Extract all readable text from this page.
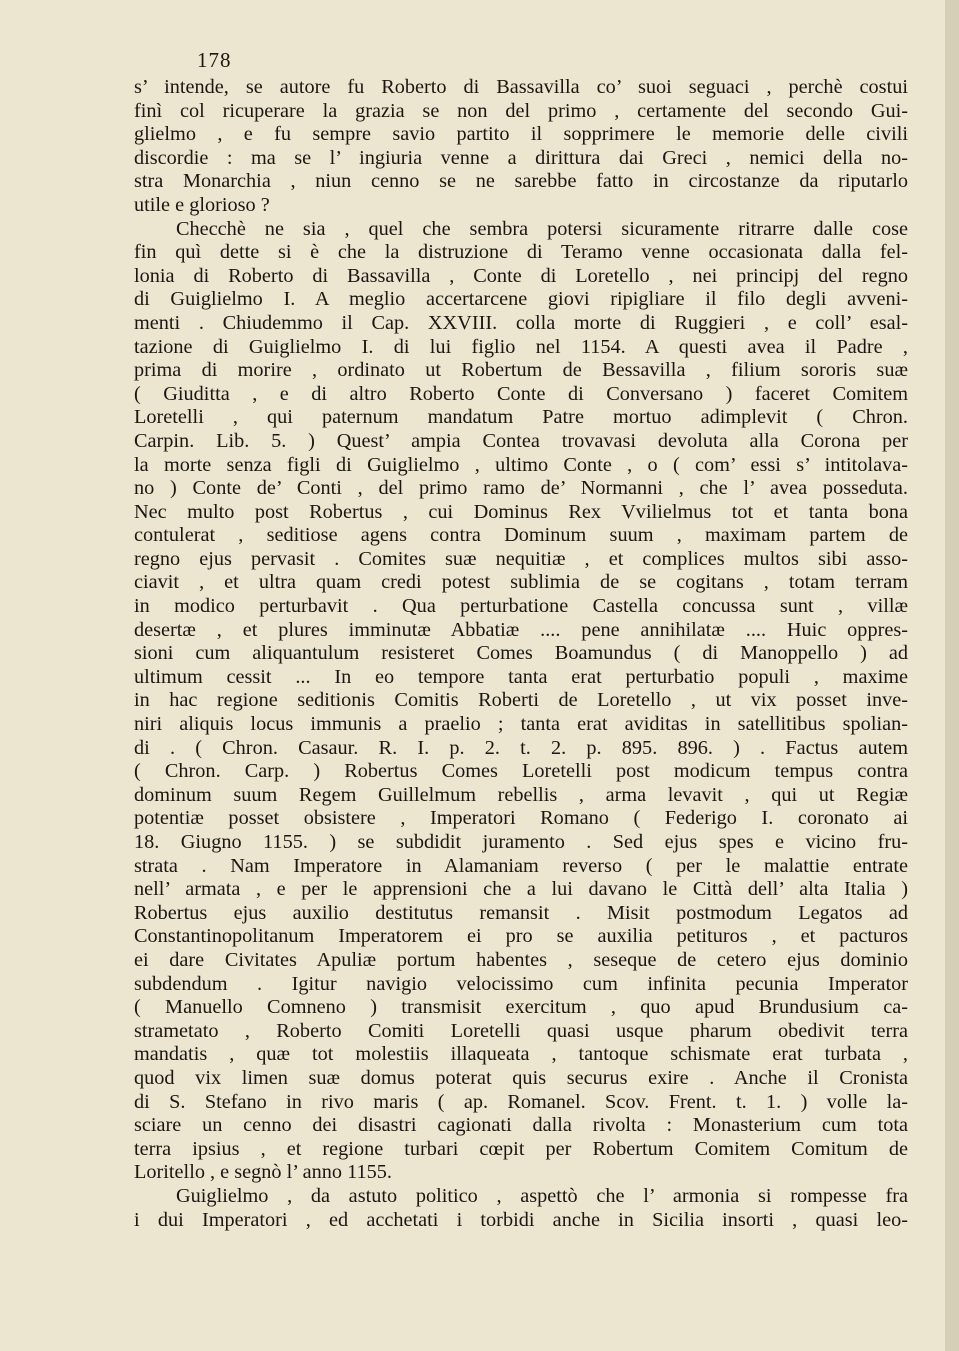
178
s’ intende, se autore fu Roberto di Bassavilla co’ suoi seguaci , perchè costui
finì col ricuperare la grazia se non del primo , certamente del secondo Gui-
glielmo , e fu sempre savio partito il sopprimere le memorie delle civili
discordie : ma se l’ ingiuria venne a dirittura dai Greci , nemici della no-
stra Monarchia , niun cenno se ne sarebbe fatto in circostanze da riputarlo
utile e glorioso ?
Checchè ne sia , quel che sembra potersi sicuramente ritrarre dalle cose
fin quì dette si è che la distruzione di Teramo venne occasionata dalla fel-
lonia di Roberto di Bassavilla , Conte di Loretello , nei principj del regno
di Guiglielmo I. A meglio accertarcene giovi ripigliare il filo degli avveni-
menti . Chiudemmo il Cap. XXVIII. colla morte di Ruggieri , e coll’ esal-
tazione di Guiglielmo I. di lui figlio nel 1154. A questi avea il Padre ,
prima di morire , ordinato ut Robertum de Bessavilla , filium sororis suæ
( Giuditta , e di altro Roberto Conte di Conversano ) faceret Comitem
Loretelli , qui paternum mandatum Patre mortuo adimplevit ( Chron.
Carpin. Lib. 5. ) Quest’ ampia Contea trovavasi devoluta alla Corona per
la morte senza figli di Guiglielmo , ultimo Conte , o ( com’ essi s’ intitolava-
no ) Conte de’ Conti , del primo ramo de’ Normanni , che l’ avea posseduta.
Nec multo post Robertus , cui Dominus Rex Vvilielmus tot et tanta bona
contulerat , seditiose agens contra Dominum suum , maximam partem de
regno ejus pervasit . Comites suæ nequitiæ , et complices multos sibi asso-
ciavit , et ultra quam credi potest sublimia de se cogitans , totam terram
in modico perturbavit . Qua perturbatione Castella concussa sunt , villæ
desertæ , et plures imminutæ Abbatiæ .... pene annihilatæ .... Huic oppres-
sioni cum aliquantulum resisteret Comes Boamundus ( di Manoppello ) ad
ultimum cessit ... In eo tempore tanta erat perturbatio populi , maxime
in hac regione seditionis Comitis Roberti de Loretello , ut vix posset inve-
niri aliquis locus immunis a praelio ; tanta erat aviditas in satellitibus spolian-
di . ( Chron. Casaur. R. I. p. 2. t. 2. p. 895. 896. ) . Factus autem
( Chron. Carp. ) Robertus Comes Loretelli post modicum tempus contra
dominum suum Regem Guillelmum rebellis , arma levavit , qui ut Regiæ
potentiæ posset obsistere , Imperatori Romano ( Federigo I. coronato ai
18. Giugno 1155. ) se subdidit juramento . Sed ejus spes e vicino fru-
strata . Nam Imperatore in Alamaniam reverso ( per le malattie entrate
nell’ armata , e per le apprensioni che a lui davano le Città dell’ alta Italia )
Robertus ejus auxilio destitutus remansit . Misit postmodum Legatos ad
Constantinopolitanum Imperatorem ei pro se auxilia petituros , et pacturos
ei dare Civitates Apuliæ portum habentes , seseque de cetero ejus dominio
subdendum . Igitur navigio velocissimo cum infinita pecunia Imperator
( Manuello Comneno ) transmisit exercitum , quo apud Brundusium ca-
strametato , Roberto Comiti Loretelli quasi usque pharum obedivit terra
mandatis , quæ tot molestiis illaqueata , tantoque schismate erat turbata ,
quod vix limen suæ domus poterat quis securus exire . Anche il Cronista
di S. Stefano in rivo maris ( ap. Romanel. Scov. Frent. t. 1. ) volle la-
sciare un cenno dei disastri cagionati dalla rivolta : Monasterium cum tota
terra ipsius , et regione turbari cœpit per Robertum Comitem Comitum de
Loritello , e segnò l’ anno 1155.
Guiglielmo , da astuto politico , aspettò che l’ armonia si rompesse fra
i dui Imperatori , ed acchetati i torbidi anche in Sicilia insorti , quasi leo-
